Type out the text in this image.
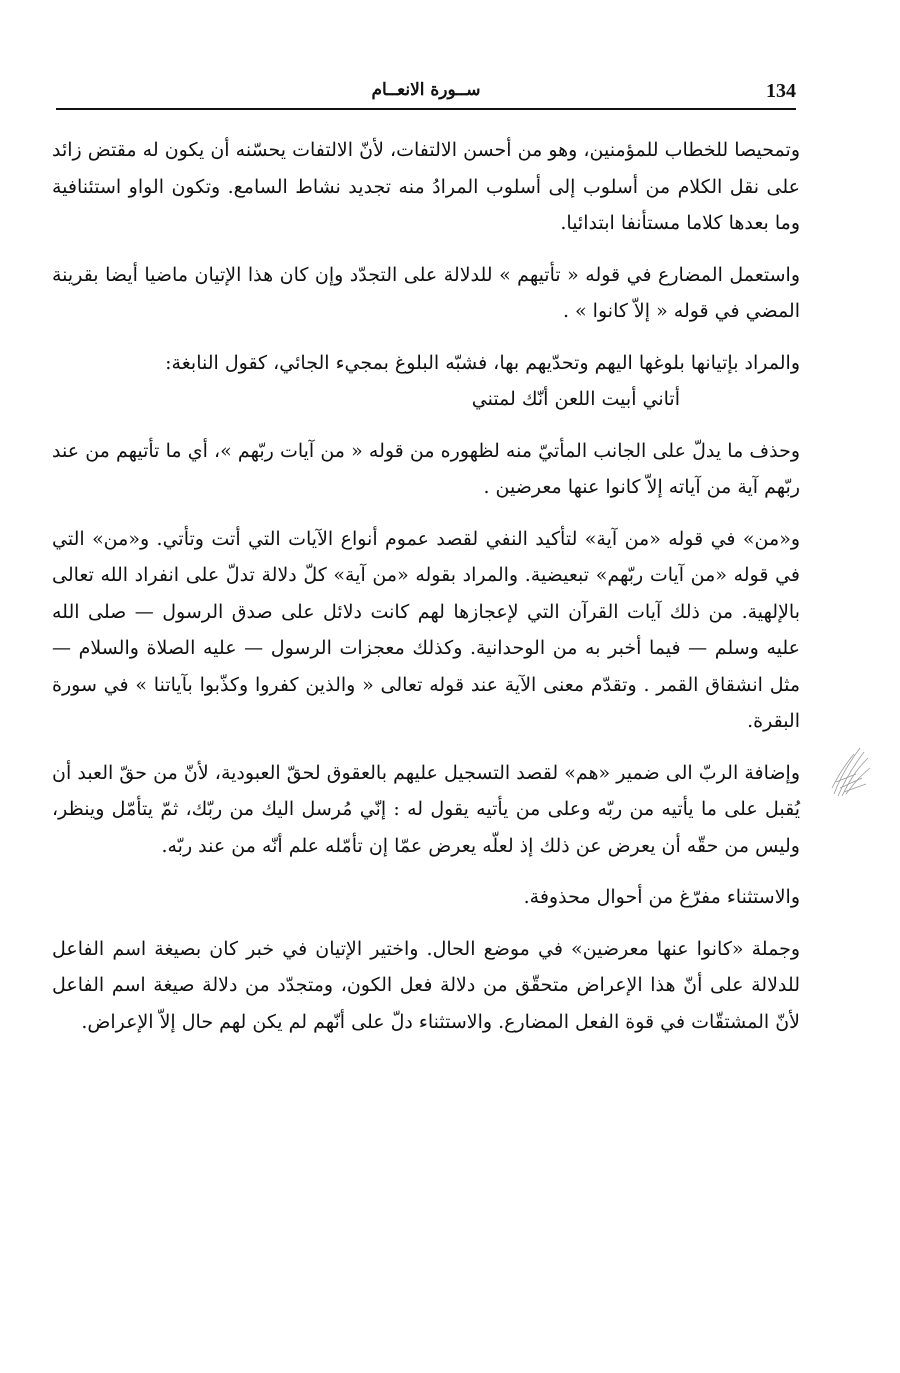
134
ســورة الانعــام

وتمحيصا للخطاب للمؤمنين، وهو من أحسن الالتفات، لأنّ الالتفات يحسّنه أن يكون له مقتض زائد على نقل الكلام من أسلوب إلى أسلوب المرادُ منه تجديد نشاط السامع. وتكون الواو استئنافية وما بعدها كلاما مستأنفا ابتدائيا.

واستعمل المضارع في قوله « تأتيهم » للدلالة على التجدّد وإن كان هذا الإتيان ماضيا أيضا بقرينة المضي في قوله « إلاّ كانوا » .

والمراد بإتيانها بلوغها اليهم وتحدّيهم بها، فشبّه البلوغ بمجيء الجائي، كقول النابغة:

أتاني أبيت اللعن أنّك لمتني

وحذف ما يدلّ على الجانب المأتيّ منه لظهوره من قوله « من آيات ربّهم »، أي ما تأتيهم من عند ربّهم آية من آياته إلاّ كانوا عنها معرضين .

و«من» في قوله «من آية» لتأكيد النفي لقصد عموم أنواع الآيات التي أتت وتأتي. و«من» التي في قوله «من آيات ربّهم» تبعيضية. والمراد بقوله «من آية» كلّ دلالة تدلّ على انفراد الله تعالى بالإلهية. من ذلك آيات القرآن التي لإعجازها لهم كانت دلائل على صدق الرسول — صلى الله عليه وسلم — فيما أخبر به من الوحدانية. وكذلك معجزات الرسول — عليه الصلاة والسلام — مثل انشقاق القمر . وتقدّم معنى الآية عند قوله تعالى « والذين كفروا وكذّبوا بآياتنا » في سورة البقرة.

وإضافة الربّ الى ضمير «هم» لقصد التسجيل عليهم بالعقوق لحقّ العبودية، لأنّ من حقّ العبد أن يُقبل على ما يأتيه من ربّه وعلى من يأتيه يقول له : إنّي مُرسل اليك من ربّك، ثمّ يتأمّل وينظر، وليس من حقّه أن يعرض عن ذلك إذ لعلّه يعرض عمّا إن تأمّله علم أنّه من عند ربّه.

والاستثناء مفرّغ من أحوال محذوفة.

وجملة «كانوا عنها معرضين» في موضع الحال. واختير الإتيان في خبر كان بصيغة اسم الفاعل للدلالة على أنّ هذا الإعراض متحقّق من دلالة فعل الكون، ومتجدّد من دلالة صيغة اسم الفاعل لأنّ المشتقّات في قوة الفعل المضارع. والاستثناء دلّ على أنّهم لم يكن لهم حال إلاّ الإعراض.
